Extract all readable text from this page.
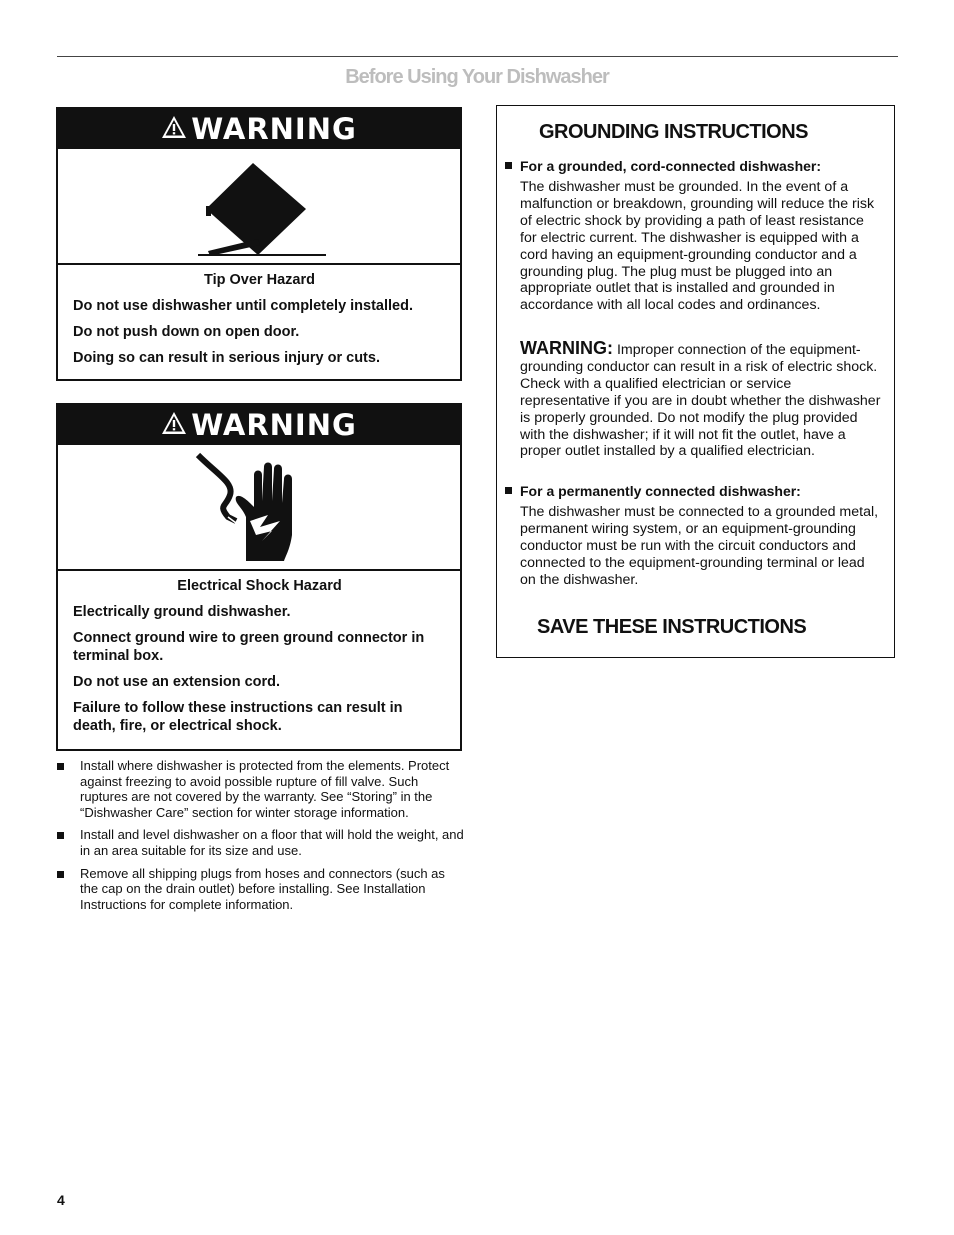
Before Using Your Dishwasher
WARNING
Tip Over Hazard

Do not use dishwasher until completely installed.

Do not push down on open door.

Doing so can result in serious injury or cuts.

WARNING
Electrical Shock Hazard

Electrically ground dishwasher.

Connect ground wire to green ground connector in terminal box.

Do not use an extension cord.

Failure to follow these instructions can result in death, fire, or electrical shock.

Install where dishwasher is protected from the elements. Protect against freezing to avoid possible rupture of fill valve. Such ruptures are not covered by the warranty. See “Storing” in the “Dishwasher Care” section for winter storage information.
Install and level dishwasher on a floor that will hold the weight, and in an area suitable for its size and use.
Remove all shipping plugs from hoses and connectors (such as the cap on the drain outlet) before installing. See Installation Instructions for complete information.
GROUNDING INSTRUCTIONS
For a grounded, cord-connected dishwasher:
The dishwasher must be grounded. In the event of a malfunction or breakdown, grounding will reduce the risk of electric shock by providing a path of least resistance for electric current. The dishwasher is equipped with a cord having an equipment-grounding conductor and a grounding plug. The plug must be plugged into an appropriate outlet that is installed and grounded in accordance with all local codes and ordinances.
WARNING: Improper connection of the equipment-grounding conductor can result in a risk of electric shock. Check with a qualified electrician or service representative if you are in doubt whether the dishwasher is properly grounded. Do not modify the plug provided with the dishwasher; if it will not fit the outlet, have a proper outlet installed by a qualified electrician.
For a permanently connected dishwasher:
The dishwasher must be connected to a grounded metal, permanent wiring system, or an equipment-grounding conductor must be run with the circuit conductors and connected to the equipment-grounding terminal or lead on the dishwasher.
SAVE THESE INSTRUCTIONS
4
